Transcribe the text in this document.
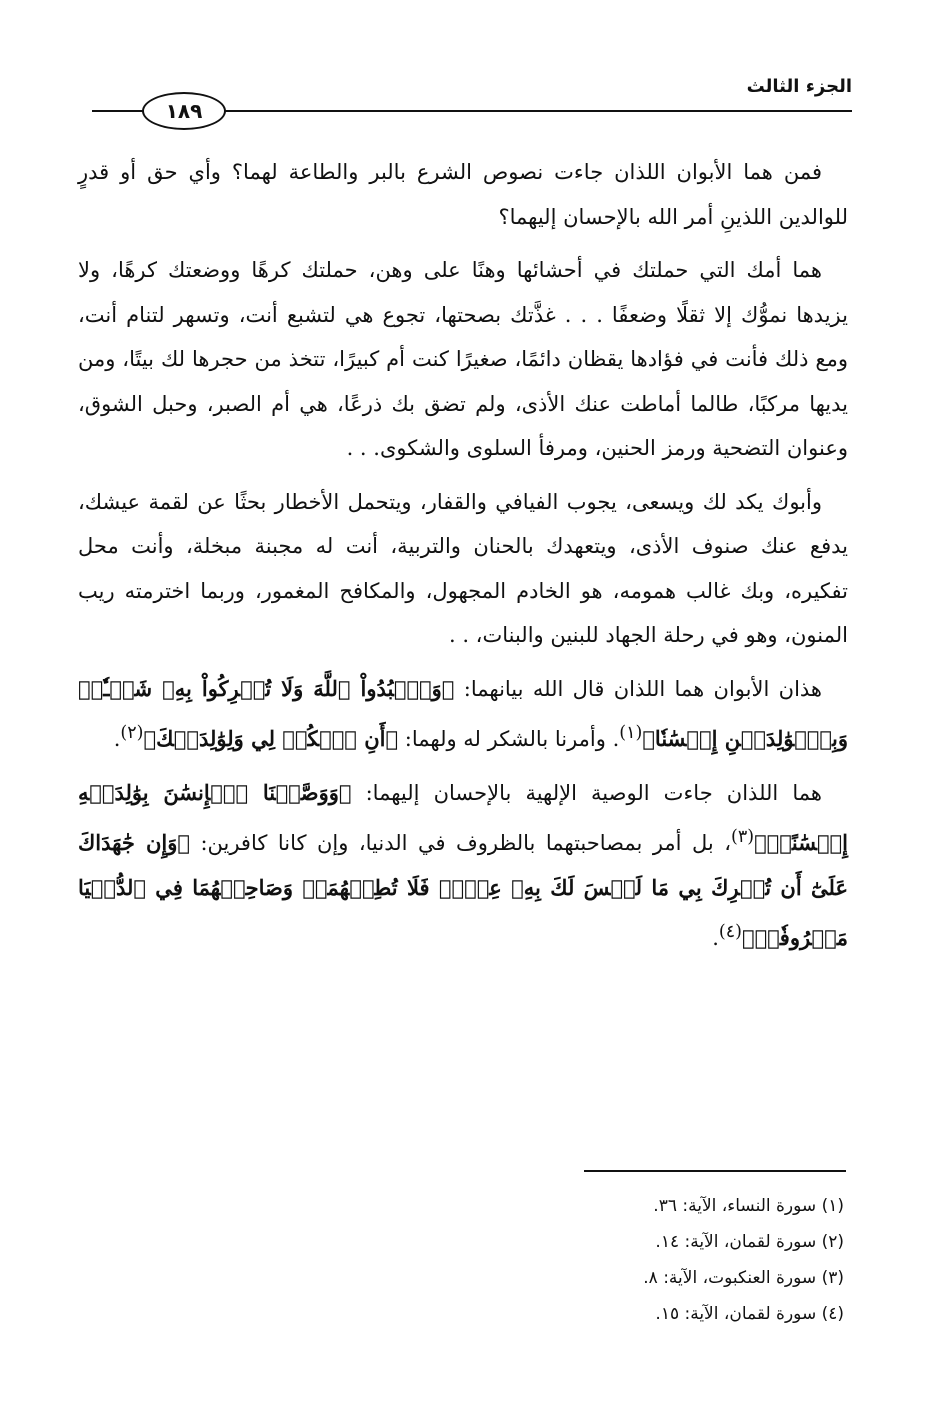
الجزء الثالث
١٨٩

فمن هما الأبوان اللذان جاءت نصوص الشرع بالبر والطاعة لهما؟ وأي حق أو قدرٍ للوالدين اللذينِ أمر الله بالإحسان إليهما؟

هما أمك التي حملتك في أحشائها وهنًا على وهن، حملتك كرهًا ووضعتك كرهًا، ولا يزيدها نموُّك إلا ثقلًا وضعفًا . . . غذَّتك بصحتها، تجوع هي لتشبع أنت، وتسهر لتنام أنت، ومع ذلك فأنت في فؤادها يقظان دائمًا، صغيرًا كنت أم كبيرًا، تتخذ من حجرها لك بيتًا، ومن يديها مركبًا، طالما أماطت عنك الأذى، ولم تضق بك ذرعًا، هي أم الصبر، وحبل الشوق، وعنوان التضحية ورمز الحنين، ومرفأ السلوى والشكوى. . .

وأبوك يكد لك ويسعى، يجوب الفيافي والقفار، ويتحمل الأخطار بحثًا عن لقمة عيشك، يدفع عنك صنوف الأذى، ويتعهدك بالحنان والتربية، أنت له مجبنة مبخلة، وأنت محل تفكيره، وبك غالب همومه، هو الخادم المجهول، والمكافح المغمور، وربما اخترمته ريب المنون، وهو في رحلة الجهاد للبنين والبنات، . .

هذان الأبوان هما اللذان قال الله بيانهما: ﴿وَٱعۡبُدُواْ ٱللَّهَ وَلَا تُشۡرِكُواْ بِهِۦ شَيۡـٔٗاۖ وَبِٱلۡوَٰلِدَيۡنِ إِحۡسَٰنٗا﴾$^{(١)}$. وأمرنا بالشكر له ولهما: ﴿أَنِ ٱشۡكُرۡ لِي وَلِوَٰلِدَيۡكَ﴾$^{(٢)}$.

هما اللذان جاءت الوصية الإلهية بالإحسان إليهما: ﴿وَوَصَّيۡنَا ٱلۡإِنسَٰنَ بِوَٰلِدَيۡهِ إِحۡسَٰنًاۖ﴾$^{(٣)}$، بل أمر بمصاحبتهما بالظروف في الدنيا، وإن كانا كافرين: ﴿وَإِن جَٰهَدَاكَ عَلَىٰٓ أَن تُشۡرِكَ بِي مَا لَيۡسَ لَكَ بِهِۦ عِلۡمٞ فَلَا تُطِعۡهُمَاۖ وَصَاحِبۡهُمَا فِي ٱلدُّنۡيَا مَعۡرُوفٗاۖ﴾$^{(٤)}$.

(١) سورة النساء، الآية: ٣٦.

(٢) سورة لقمان، الآية: ١٤.

(٣) سورة العنكبوت، الآية: ٨.

(٤) سورة لقمان، الآية: ١٥.
